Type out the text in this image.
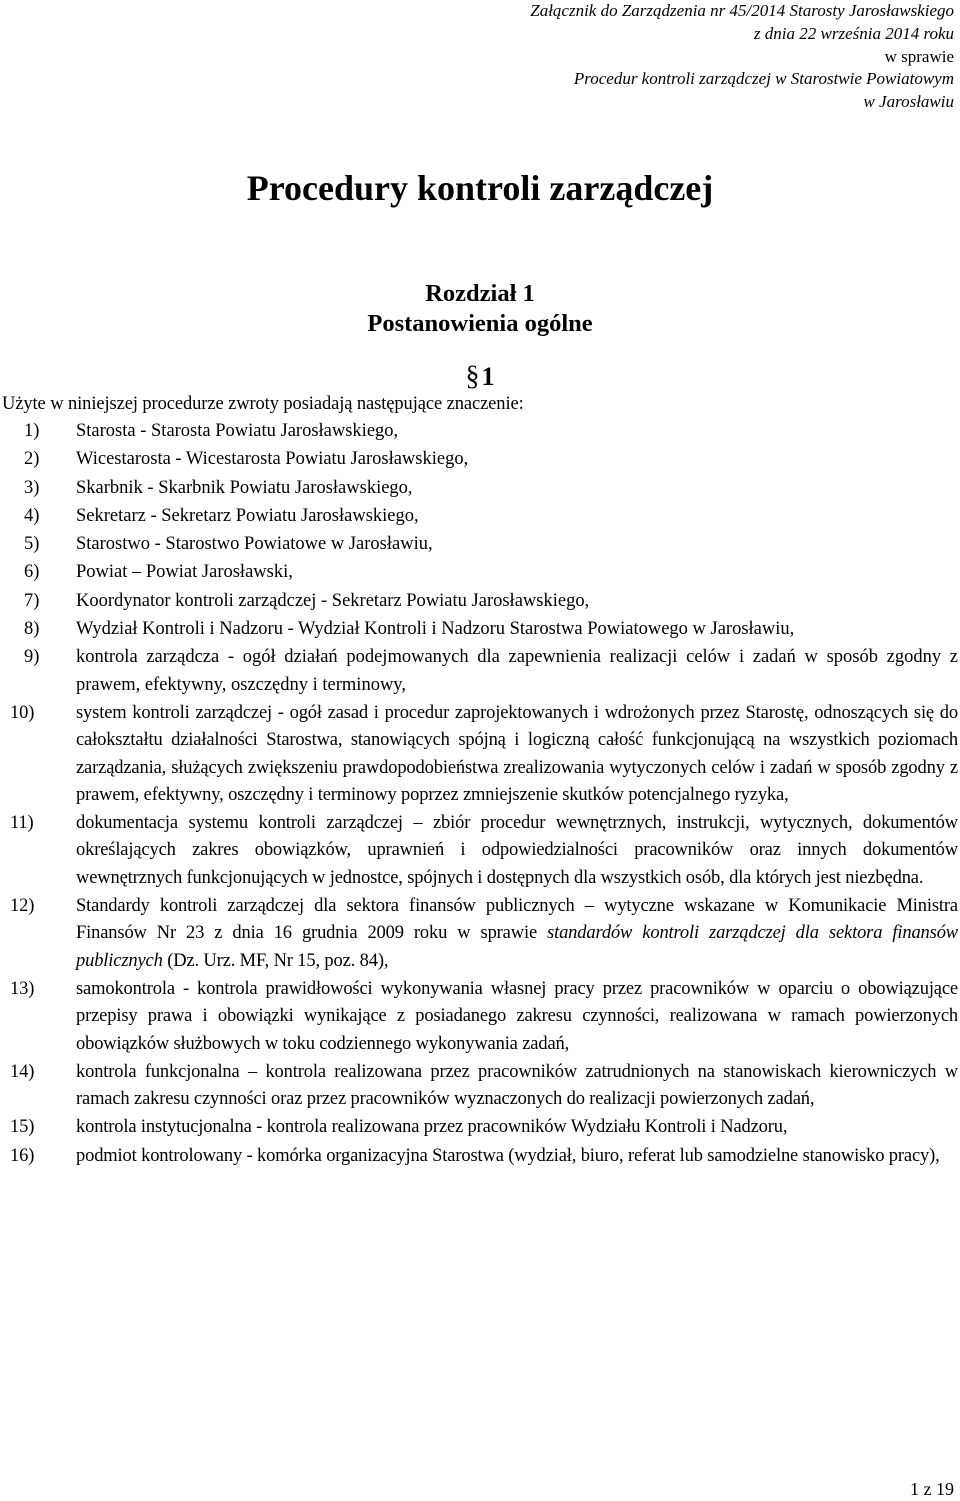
Załącznik do Zarządzenia nr 45/2014 Starosty Jarosławskiego
z dnia 22 września 2014 roku
w sprawie
Procedur kontroli zarządczej w Starostwie Powiatowym
w Jarosławiu
Procedury kontroli zarządczej
Rozdział 1
Postanowienia ogólne
§1
Użyte w niniejszej procedurze zwroty posiadają następujące znaczenie:
1) Starosta - Starosta Powiatu Jarosławskiego,
2) Wicestarosta - Wicestarosta Powiatu Jarosławskiego,
3) Skarbnik - Skarbnik Powiatu Jarosławskiego,
4) Sekretarz - Sekretarz Powiatu Jarosławskiego,
5) Starostwo - Starostwo Powiatowe w Jarosławiu,
6) Powiat – Powiat Jarosławski,
7) Koordynator kontroli zarządczej - Sekretarz Powiatu Jarosławskiego,
8) Wydział Kontroli i Nadzoru - Wydział Kontroli i Nadzoru Starostwa Powiatowego w Jarosławiu,
9) kontrola zarządcza - ogół działań podejmowanych dla zapewnienia realizacji celów i zadań w sposób zgodny z prawem, efektywny, oszczędny i terminowy,
10) system kontroli zarządczej - ogół zasad i procedur zaprojektowanych i wdrożonych przez Starostę, odnoszących się do całokształtu działalności Starostwa, stanowiących spójną i logiczną całość funkcjonującą na wszystkich poziomach zarządzania, służących zwiększeniu prawdopodobieństwa zrealizowania wytyczonych celów i zadań w sposób zgodny z prawem, efektywny, oszczędny i terminowy poprzez zmniejszenie skutków potencjalnego ryzyka,
11) dokumentacja systemu kontroli zarządczej – zbiór procedur wewnętrznych, instrukcji, wytycznych, dokumentów określających zakres obowiązków, uprawnień i odpowiedzialności pracowników oraz innych dokumentów wewnętrznych funkcjonujących w jednostce, spójnych i dostępnych dla wszystkich osób, dla których jest niezbędna.
12) Standardy kontroli zarządczej dla sektora finansów publicznych – wytyczne wskazane w Komunikacie Ministra Finansów Nr 23 z dnia 16 grudnia 2009 roku w sprawie standardów kontroli zarządczej dla sektora finansów publicznych (Dz. Urz. MF, Nr 15, poz. 84),
13) samokontrola - kontrola prawidłowości wykonywania własnej pracy przez pracowników w oparciu o obowiązujące przepisy prawa i obowiązki wynikające z posiadanego zakresu czynności, realizowana w ramach powierzonych obowiązków służbowych w toku codziennego wykonywania zadań,
14) kontrola funkcjonalna – kontrola realizowana przez pracowników zatrudnionych na stanowiskach kierowniczych w ramach zakresu czynności oraz przez pracowników wyznaczonych do realizacji powierzonych zadań,
15) kontrola instytucjonalna - kontrola realizowana przez pracowników Wydziału Kontroli i Nadzoru,
16) podmiot kontrolowany - komórka organizacyjna Starostwa (wydział, biuro, referat lub samodzielne stanowisko pracy),
1 z 19
